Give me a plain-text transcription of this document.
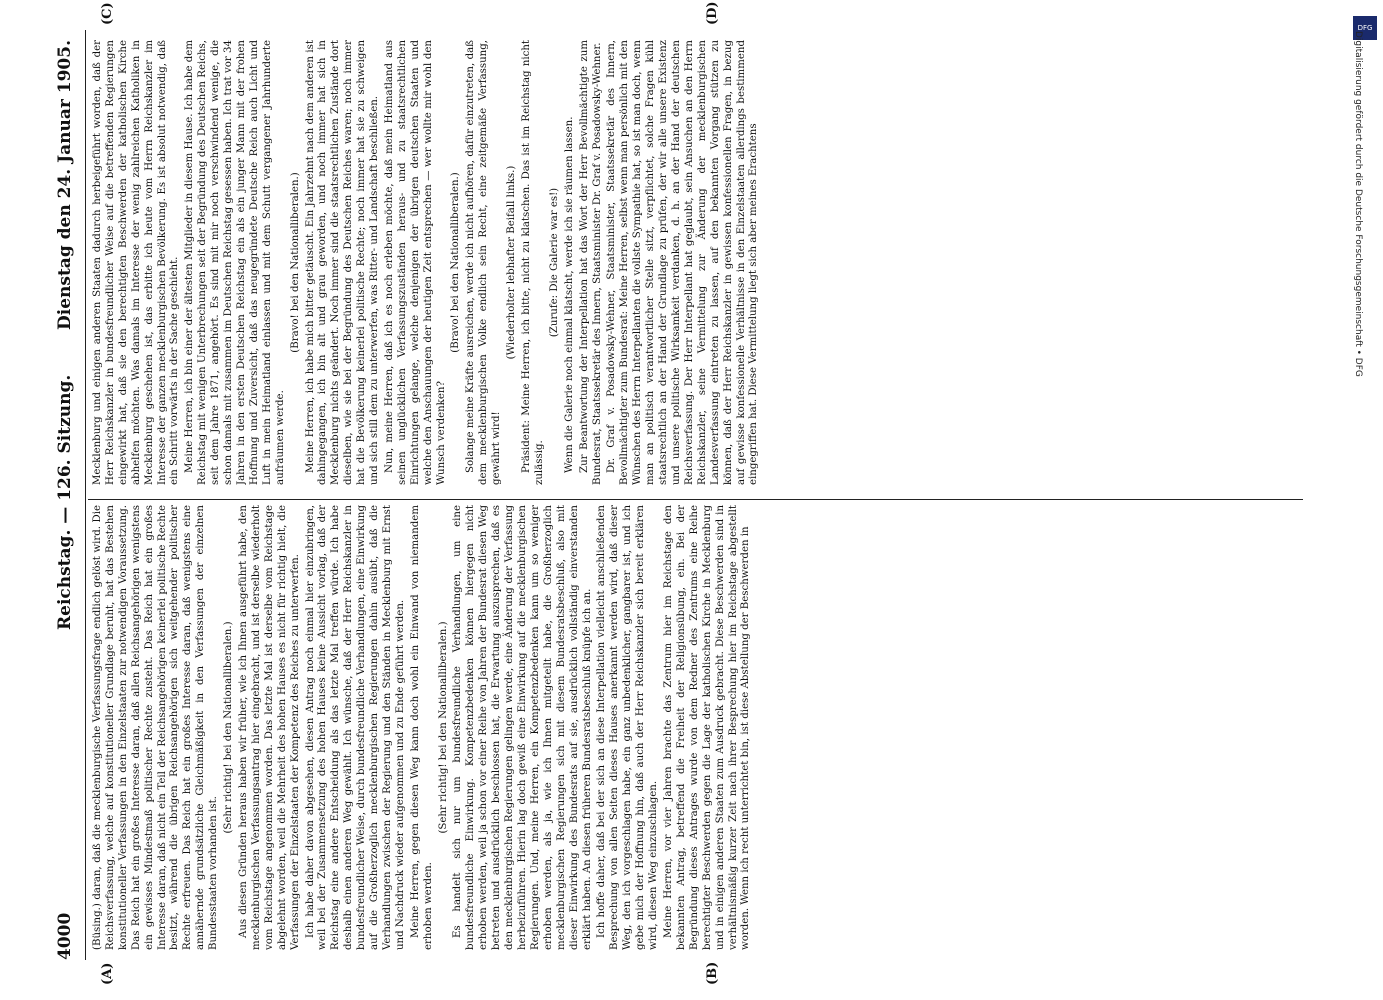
4000
Reichstag. — 126. Sitzung.
Dienstag den 24. Januar 1905.
(A)	(B)
(C)	(D)

(Büsing.) daran, daß die mecklenburgische Verfassungsfrage endlich gelöst wird. Die Reichsverfassung, welche auf konstitutioneller Grundlage beruht, hat das Bestehen konstitutioneller Verfassungen in den Einzelstaaten zur notwendigen Voraussetzung. Das Reich hat ein großes Interesse daran, daß allen Reichsangehörigen wenigstens ein gewisses Mindestmaß politischer Rechte zusteht. Das Reich hat ein großes Interesse daran, daß nicht ein Teil der Reichsangehörigen keinerlei politische Rechte besitzt, während die übrigen Reichsangehörigen sich weitgehender politischer Rechte erfreuen. Das Reich hat ein großes Interesse daran, daß wenigstens eine annähernde grundsätzliche Gleichmäßigkeit in den Verfassungen der einzelnen Bundesstaaten vorhanden ist.

(Sehr richtig! bei den Nationalliberalen.) Aus diesen Gründen heraus haben wir früher, wie ich Ihnen ausgeführt habe, den mecklenburgischen Verfassungsantrag hier eingebracht, und ist derselbe wiederholt vom Reichstage angenommen worden. Das letzte Mal ist derselbe vom Reichstage abgelehnt worden, weil die Mehrheit des hohen Hauses es nicht für richtig hielt, die Verfassungen der Einzelstaaten der Kompetenz des Reiches zu unterwerfen. Ich habe daher davon abgesehen, diesen Antrag noch einmal hier einzubringen, weil bei der Zusammensetzung des hohen Hauses keine Aussicht vorlag, daß der Reichstag eine andere Entscheidung als das letzte Mal treffen würde. Ich habe deshalb einen anderen Weg gewählt. Ich wünsche, daß der Herr Reichskanzler in bundesfreundlicher Weise, durch bundesfreundliche Verhandlungen, eine Einwirkung auf die Großherzoglich mecklenburgischen Regierungen dahin ausübt, daß die Verhandlungen zwischen der Regierung und den Ständen in Mecklenburg mit Ernst und Nachdruck wieder aufgenommen und zu Ende geführt werden. Meine Herren, gegen diesen Weg kann doch wohl ein Einwand von niemandem erhoben werden.

(Sehr richtig! bei den Nationalliberalen.) Es handelt sich nur um bundesfreundliche Verhandlungen, um eine bundesfreundliche Einwirkung. Kompetenzbedenken können hiergegen nicht erhoben werden, weil ja schon vor einer Reihe von Jahren der Bundesrat diesen Weg betreten und ausdrücklich beschlossen hat, die Erwartung auszusprechen, daß es den mecklenburgischen Regierungen gelingen werde, eine Änderung der Verfassung herbeizuführen. Hierin lag doch gewiß eine Einwirkung auf die mecklenburgischen Regierungen. Und, meine Herren, ein Kompetenzbedenken kann um so weniger erhoben werden, als ja, wie ich Ihnen mitgeteilt habe, die Großherzoglich mecklenburgischen Regierungen sich mit diesem Bundesratsbeschluß, also mit dieser Einwirkung des Bundesrats auf sie, ausdrücklich vollständig einverstanden erklärt haben. An diesen früheren Bundesratsbeschluß knüpfe ich an. Ich hoffe daher, daß bei der sich an diese Interpellation vielleicht anschließenden Besprechung von allen Seiten dieses Hauses anerkannt werden wird, daß dieser Weg, den ich vorgeschlagen habe, ein ganz unbedenklicher, gangbarer ist, und ich gebe mich der Hoffnung hin, daß auch der Herr Reichskanzler sich bereit erklären wird, diesen Weg einzuschlagen. Meine Herren, vor vier Jahren brachte das Zentrum hier im Reichstage den bekannten Antrag, betreffend die Freiheit der Religionsübung, ein. Bei der Begründung dieses Antrages wurde von dem Redner des Zentrums eine Reihe berechtigter Beschwerden gegen die Lage der katholischen Kirche in Mecklenburg und in einigen anderen Staaten zum Ausdruck gebracht. Diese Beschwerden sind in verhältnismäßig kurzer Zeit nach ihrer Besprechung hier im Reichstage abgestellt worden. Wenn ich recht unterrichtet bin, ist diese Abstellung der Beschwerden in

Mecklenburg und einigen anderen Staaten dadurch herbeigeführt worden, daß der Herr Reichskanzler in bundesfreundlicher Weise auf die betreffenden Regierungen eingewirkt hat, daß sie den berechtigten Beschwerden der katholischen Kirche abhelfen möchten. Was damals im Interesse der wenig zahlreichen Katholiken in Mecklenburg geschehen ist, das erbitte ich heute vom Herrn Reichskanzler im Interesse der ganzen mecklenburgischen Bevölkerung. Es ist absolut notwendig, daß ein Schritt vorwärts in der Sache geschieht. Meine Herren, ich bin einer der ältesten Mitglieder in diesem Hause. Ich habe dem Reichstag mit wenigen Unterbrechungen seit der Begründung des Deutschen Reichs, seit dem Jahre 1871, angehört. Es sind mit mir noch verschwindend wenige, die schon damals mit zusammen im Deutschen Reichstag gesessen haben. Ich trat vor 34 Jahren in den ersten Deutschen Reichstag ein als ein junger Mann mit der frohen Hoffnung und Zuversicht, daß das neugegründete Deutsche Reich auch Licht und Luft in mein Heimatland einlassen und mit dem Schutt vergangener Jahrhunderte aufräumen werde.

(Bravo! bei den Nationalliberalen.) Meine Herren, ich habe mich bitter getäuscht. Ein Jahrzehnt nach dem anderen ist dahingegangen, ich bin alt und grau geworden, und noch immer hat sich in Mecklenburg nichts geändert. Noch immer sind die staatsrechtlichen Zustände dort dieselben, wie sie bei der Begründung des Deutschen Reiches waren; noch immer hat die Bevölkerung keinerlei politische Rechte; noch immer hat sie zu schweigen und sich still dem zu unterwerfen, was Ritter- und Landschaft beschließen. Nun, meine Herren, daß ich es noch erleben möchte, daß mein Heimatland aus seinen unglücklichen Verfassungszuständen heraus- und zu staatsrechtlichen Einrichtungen gelange, welche denjenigen der übrigen deutschen Staaten und welche den Anschauungen der heutigen Zeit entsprechen — wer wollte mir wohl den Wunsch verdenken?

(Bravo! bei den Nationalliberalen.) Solange meine Kräfte ausreichen, werde ich nicht aufhören, dafür einzutreten, daß dem mecklenburgischen Volke endlich sein Recht, eine zeitgemäße Verfassung, gewährt wird!

(Wiederholter lebhafter Beifall links.) Präsident: Meine Herren, ich bitte, nicht zu klatschen. Das ist im Reichstag nicht zulässig.

(Zurufe: Die Galerie war es!) Wenn die Galerie noch einmal klatscht, werde ich sie räumen lassen. Zur Beantwortung der Interpellation hat das Wort der Herr Bevollmächtigte zum Bundesrat, Staatssekretär des Innern, Staatsminister Dr. Graf v. Posadowsky-Wehner. Dr. Graf v. Posadowsky-Wehner, Staatsminister, Staatssekretär des Innern, Bevollmächtigter zum Bundesrat: Meine Herren, selbst wenn man persönlich mit den Wünschen des Herrn Interpellanten die vollste Sympathie hat, so ist man doch, wenn man an politisch verantwortlicher Stelle sitzt, verpflichtet, solche Fragen kühl staatsrechtlich an der Hand der Grundlage zu prüfen, der wir alle unsere Existenz und unsere politische Wirksamkeit verdanken, d. h. an der Hand der deutschen Reichsverfassung. Der Herr Interpellant hat geglaubt, sein Ansuchen an den Herrn Reichskanzler, seine Vermittelung zur Änderung der mecklenburgischen Landesverfassung eintreten zu lassen, auf den bekannten Vorgang stützen zu können, daß der Herr Reichskanzler in gewissen konfessionellen Fragen, in bezug auf gewisse konfessionelle Verhältnisse in den Einzelstaaten allerdings bestimmend eingegriffen hat. Diese Vermittelung liegt sich aber meines Erachtens

DFG
Digitalisierung gefördert durch die Deutsche Forschungsgemeinschaft • DFG
